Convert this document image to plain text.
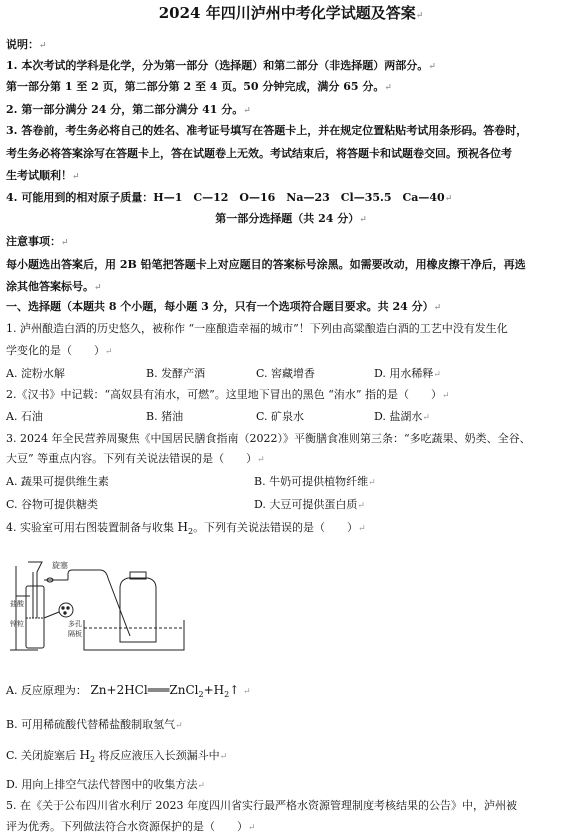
2024 年四川泸州中考化学试题及答案↵
说明：↵
1. 本次考试的学科是化学，分为第一部分（选择题）和第二部分（非选择题）两部分。↵
第一部分第 1 至 2 页，第二部分第 2 至 4 页。50 分钟完成，满分 65 分。↵
2. 第一部分满分 24 分，第二部分满分 41 分。↵
3. 答卷前，考生务必将自己的姓名、准考证号填写在答题卡上，并在规定位置粘贴考试用条形码。答卷时，
考生务必将答案涂写在答题卡上，答在试题卷上无效。考试结束后，将答题卡和试题卷交回。预祝各位考
生考试顺利！↵
4. 可能用到的相对原子质量：H—1　C—12　O—16　Na—23　Cl—35.5　Ca—40↵
第一部分选择题（共 24 分）↵
注意事项：↵
每小题选出答案后，用 2B 铅笔把答题卡上对应题目的答案标号涂黑。如需要改动，用橡皮擦干净后，再选
涂其他答案标号。↵
一、选择题（本题共 8 个小题，每小题 3 分，只有一个选项符合题目要求。共 24 分）↵
1. 泸州酿造白酒的历史悠久，被称作 “一座酿造幸福的城市”！下列由高粱酿造白酒的工艺中没有发生化
学变化的是（　　）↵
A. 淀粉水解	B. 发酵产酒	C. 窖藏增香	D. 用水稀释↵
2.《汉书》中记载：“高奴县有洧水，可燃”。这里地下冒出的黑色 “洧水” 指的是（　　）↵
A. 石油	B. 猪油	C. 矿泉水	D. 盐湖水↵
3. 2024 年全民营养周聚焦《中国居民膳食指南（2022）》平衡膳食准则第三条：“多吃蔬果、奶类、全谷、
大豆” 等重点内容。下列有关说法错误的是（　　）↵
A. 蔬果可提供维生素	B. 牛奶可提供植物纤维↵
C. 谷物可提供糖类	D. 大豆可提供蛋白质↵
4. 实验室可用右图装置制备与收集 $H_2$。下列有关说法错误的是（　　）↵
旋塞
盐酸
锌粒	多孔
隔板
A. 反应原理为： $Zn+2HCl═══ZnCl_2+H_2↑$ ↵
B. 可用稀硫酸代替稀盐酸制取氢气↵
C. 关闭旋塞后 $H_2$ 将反应液压入长颈漏斗中↵
D. 用向上排空气法代替图中的收集方法↵
5. 在《关于公布四川省水利厅 2023 年度四川省实行最严格水资源管理制度考核结果的公告》中，泸州被
评为优秀。下列做法符合水资源保护的是（　　）↵
